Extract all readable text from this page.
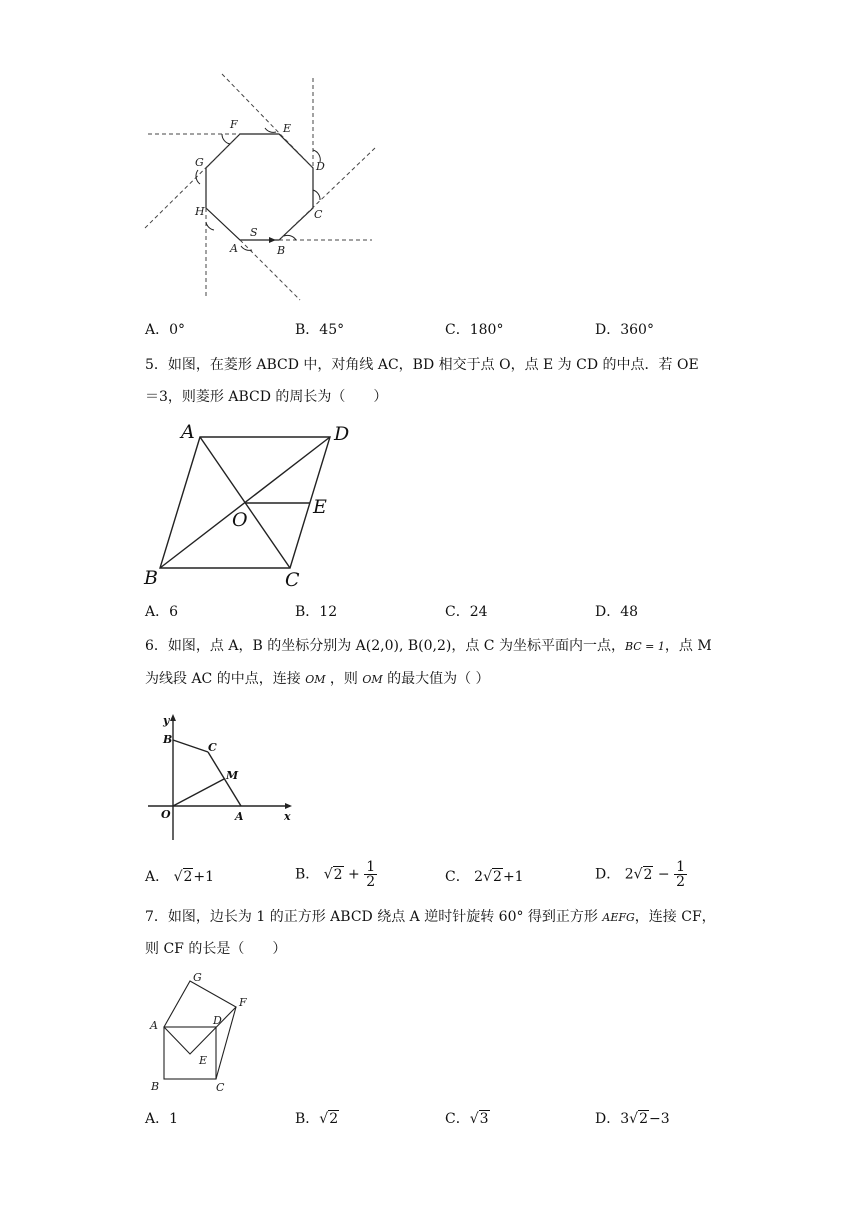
F	E
D
C
B
A
H
G
S
A．0°	B．45°	C．180°	D．360°
5．如图，在菱形 ABCD 中，对角线 AC，BD 相交于点 O，点 E 为 CD 的中点．若 OE
＝3，则菱形 ABCD 的周长为（　　）
A	D
E
O
B	C
A．6	B．12	C．24	D．48
6．如图，点 A，B 的坐标分别为 A(2,0), B(0,2)，点 C 为坐标平面内一点，BC = 1，点 M
为线段 AC 的中点，连接 OM ，则 OM 的最大值为（ ）
y
B
C
M
O	A	x
A． √2+1	B． $√2 + \frac{1}{2}$	C． 2√2+1	D． $2√2 - \frac{1}{2}$
7．如图，边长为 1 的正方形 ABCD 绕点 A 逆时针旋转 60° 得到正方形 AEFG，连接 CF，
则 CF 的长是（　　）
G
F
A	D
E
B	C
A．1	B．√2	C．√3	D．3√2−3
